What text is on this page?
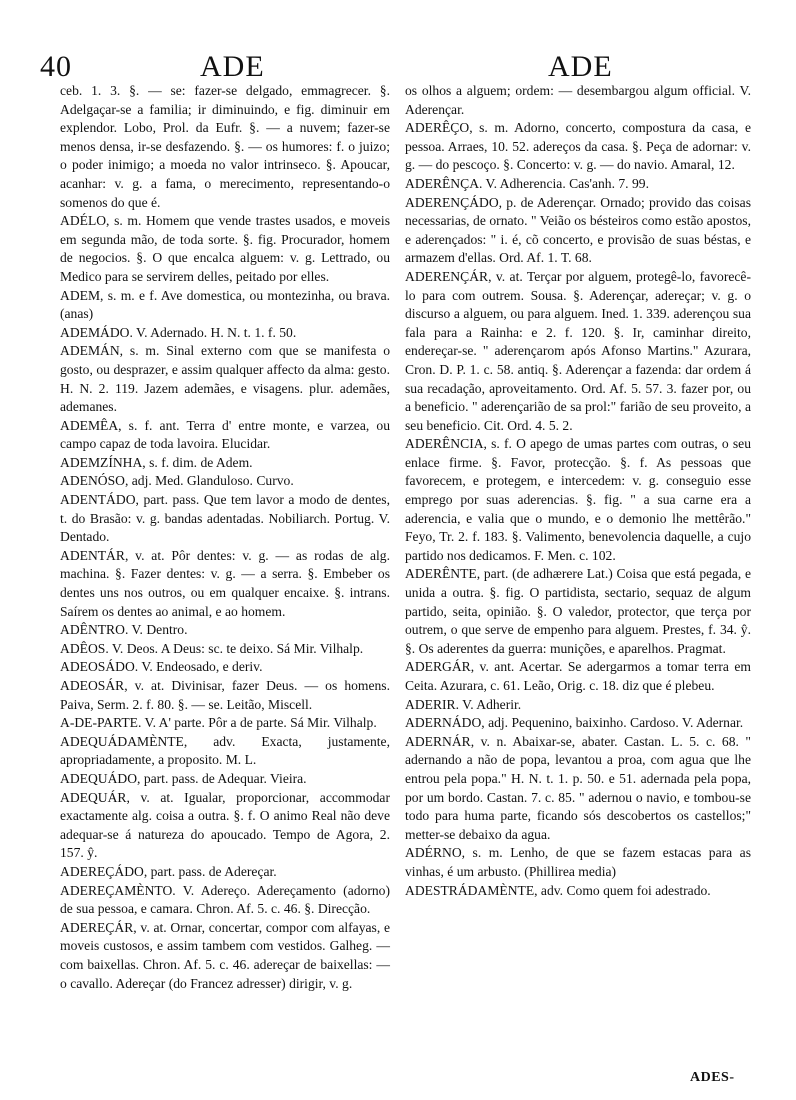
40	ADE	ADE

ceb. 1. 3. §. — se: fazer-se delgado, emmagrecer. §. Adelgaçar-se a familia; ir diminuindo, e fig. diminuir em explendor. Lobo, Prol. da Eufr. §. — a nuvem; fazer-se menos densa, ir-se desfazendo. §. — os humores: f. o juizo; o poder inimigo; a moeda no valor intrinseco. §. Apoucar, acanhar: v. g. a fama, o merecimento, representando-o somenos do que é.

ADÉLO, s. m. Homem que vende trastes usados, e moveis em segunda mão, de toda sorte. §. fig. Procurador, homem de negocios. §. O que encalca alguem: v. g. Lettrado, ou Medico para se servirem delles, peitado por elles.

ADEM, s. m. e f. Ave domestica, ou montezinha, ou brava. (anas)

ADEMÁDO. V. Adernado. H. N. t. 1. f. 50.

ADEMÁN, s. m. Sinal externo com que se manifesta o gosto, ou desprazer, e assim qualquer affecto da alma: gesto. H. N. 2. 119. Jazem ademães, e visagens. plur. ademães, ademanes.

ADEMÊA, s. f. ant. Terra d' entre monte, e varzea, ou campo capaz de toda lavoira. Elucidar.

ADEMZÍNHA, s. f. dim. de Adem.

ADENÓSO, adj. Med. Glanduloso. Curvo.

ADENTÁDO, part. pass. Que tem lavor a modo de dentes, t. do Brasão: v. g. bandas adentadas. Nobiliarch. Portug. V. Dentado.

ADENTÁR, v. at. Pôr dentes: v. g. — as rodas de alg. machina. §. Fazer dentes: v. g. — a serra. §. Embeber os dentes uns nos outros, ou em qualquer encaixe. §. intrans. Saírem os dentes ao animal, e ao homem.

ADÊNTRO. V. Dentro.

ADÊOS. V. Deos. A Deus: sc. te deixo. Sá Mir. Vilhalp.

ADEOSÁDO. V. Endeosado, e deriv.

ADEOSÁR, v. at. Divinisar, fazer Deus. — os homens. Paiva, Serm. 2. f. 80. §. — se. Leitão, Miscell.

A-DE-PARTE. V. A' parte. Pôr a de parte. Sá Mir. Vilhalp.

ADEQUÁDAMÈNTE, adv. Exacta, justamente, apropriadamente, a proposito. M. L.

ADEQUÁDO, part. pass. de Adequar. Vieira.

ADEQUÁR, v. at. Igualar, proporcionar, accommodar exactamente alg. coisa a outra. §. f. O animo Real não deve adequar-se á natureza do apoucado. Tempo de Agora, 2. 157. ŷ.

ADEREÇÁDO, part. pass. de Adereçar.

ADEREÇAMÈNTO. V. Adereço. Adereçamento (adorno) de sua pessoa, e camara. Chron. Af. 5. c. 46. §. Direcção.

ADEREÇÁR, v. at. Ornar, concertar, compor com alfayas, e moveis custosos, e assim tambem com vestidos. Galheg. — com baixellas. Chron. Af. 5. c. 46. adereçar de baixellas: — o cavallo. Adereçar (do Francez adresser) dirigir, v. g.

os olhos a alguem; ordem: — desembargou algum official. V. Aderençar.

ADERÊÇO, s. m. Adorno, concerto, compostura da casa, e pessoa. Arraes, 10. 52. adereços da casa. §. Peça de adornar: v. g. — do pescoço. §. Concerto: v. g. — do navio. Amaral, 12.

ADERÊNÇA. V. Adherencia. Cas'anh. 7. 99.

ADERENÇÁDO, p. de Aderençar. Ornado; provido das coisas necessarias, de ornato. " Veião os bésteiros como estão apostos, e aderençados: " i. é, cõ concerto, e provisão de suas béstas, e armazem d'ellas. Ord. Af. 1. T. 68.

ADERENÇÁR, v. at. Terçar por alguem, protegê-lo, favorecê-lo para com outrem. Sousa. §. Aderençar, adereçar; v. g. o discurso a alguem, ou para alguem. Ined. 1. 339. aderençou sua fala para a Rainha: e 2. f. 120. §. Ir, caminhar direito, endereçar-se. " aderençarom após Afonso Martins." Azurara, Cron. D. P. 1. c. 58. antiq. §. Aderençar a fazenda: dar ordem á sua recadação, aproveitamento. Ord. Af. 5. 57. 3. fazer por, ou a beneficio. " aderençarião de sa prol:" farião de seu proveito, a seu beneficio. Cit. Ord. 4. 5. 2.

ADERÊNCIA, s. f. O apego de umas partes com outras, o seu enlace firme. §. Favor, protecção. §. f. As pessoas que favorecem, e protegem, e intercedem: v. g. conseguio esse emprego por suas aderencias. §. fig. " a sua carne era a aderencia, e valia que o mundo, e o demonio lhe mettêrão." Feyo, Tr. 2. f. 183. §. Valimento, benevolencia daquelle, a cujo partido nos dedicamos. F. Men. c. 102.

ADERÊNTE, part. (de adhærere Lat.) Coisa que está pegada, e unida a outra. §. fig. O partidista, sectario, sequaz de algum partido, seita, opinião. §. O valedor, protector, que terça por outrem, o que serve de empenho para alguem. Prestes, f. 34. ŷ. §. Os aderentes da guerra: munições, e aparelhos. Pragmat.

ADERGÁR, v. ant. Acertar. Se adergarmos a tomar terra em Ceita. Azurara, c. 61. Leão, Orig. c. 18. diz que é plebeu.

ADERIR. V. Adherir.

ADERNÁDO, adj. Pequenino, baixinho. Cardoso. V. Adernar.

ADERNÁR, v. n. Abaixar-se, abater. Castan. L. 5. c. 68. " adernando a não de popa, levantou a proa, com agua que lhe entrou pela popa." H. N. t. 1. p. 50. e 51. adernada pela popa, por um bordo. Castan. 7. c. 85. " adernou o navio, e tombou-se todo para huma parte, ficando sós descobertos os castellos;" metter-se debaixo da agua.

ADÉRNO, s. m. Lenho, de que se fazem estacas para as vinhas, é um arbusto. (Phillirea media)

ADESTRÁDAMÈNTE, adv. Como quem foi adestrado.

ADES-
